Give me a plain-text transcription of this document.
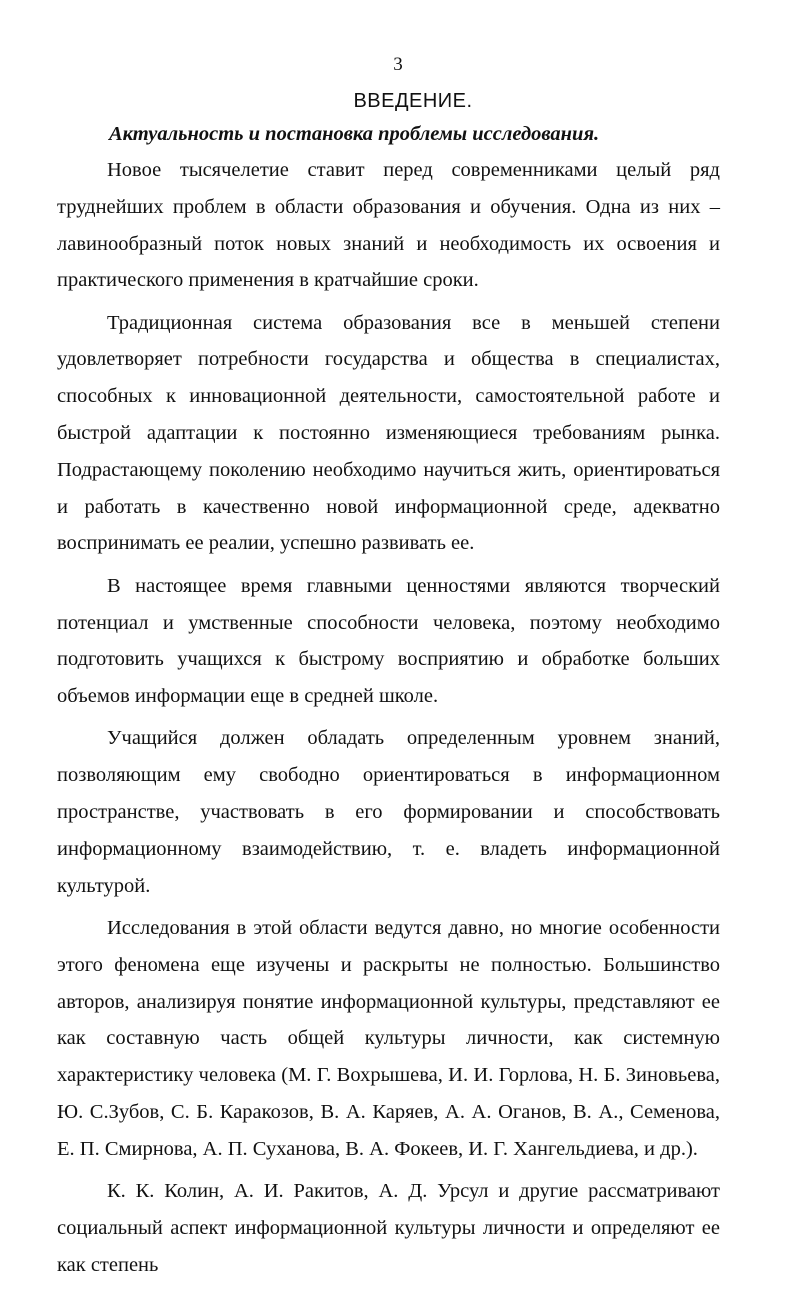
3
ВВЕДЕНИЕ.
Актуальность и постановка проблемы исследования.

Новое тысячелетие ставит перед современниками целый ряд труднейших проблем в области образования и обучения. Одна из них – лавинообразный поток новых знаний и необходимость их освоения и практического применения в кратчайшие сроки.

Традиционная система образования все в меньшей степени удовлетворяет потребности государства и общества в специалистах, способных к инновационной деятельности, самостоятельной работе и быстрой адаптации к постоянно изменяющиеся требованиям рынка. Подрастающему поколению необходимо научиться жить, ориентироваться и работать в качественно новой информационной среде, адекватно воспринимать ее реалии, успешно развивать ее.

В настоящее время главными ценностями являются творческий потенциал и умственные способности человека, поэтому необходимо подготовить учащихся к быстрому восприятию и обработке больших объемов информации еще в средней школе.

Учащийся должен обладать определенным уровнем знаний, позволяющим ему свободно ориентироваться в информационном пространстве, участвовать в его формировании и способствовать информационному взаимодействию, т. е. владеть информационной культурой.

Исследования в этой области ведутся давно, но многие особенности этого феномена еще изучены и раскрыты не полностью. Большинство авторов, анализируя понятие информационной культуры, представляют ее как составную часть общей культуры личности, как системную характеристику человека (М. Г. Вохрышева, И. И. Горлова, Н. Б. Зиновьева, Ю. С.Зубов, С. Б. Каракозов, В. А. Каряев, А. А. Оганов, В. А., Семенова, Е. П. Смирнова, А. П. Суханова, В. А. Фокеев, И. Г. Хангельдиева, и др.).

К. К. Колин, А. И. Ракитов, А. Д. Урсул и другие рассматривают социальный аспект информационной культуры личности и определяют ее как степень
